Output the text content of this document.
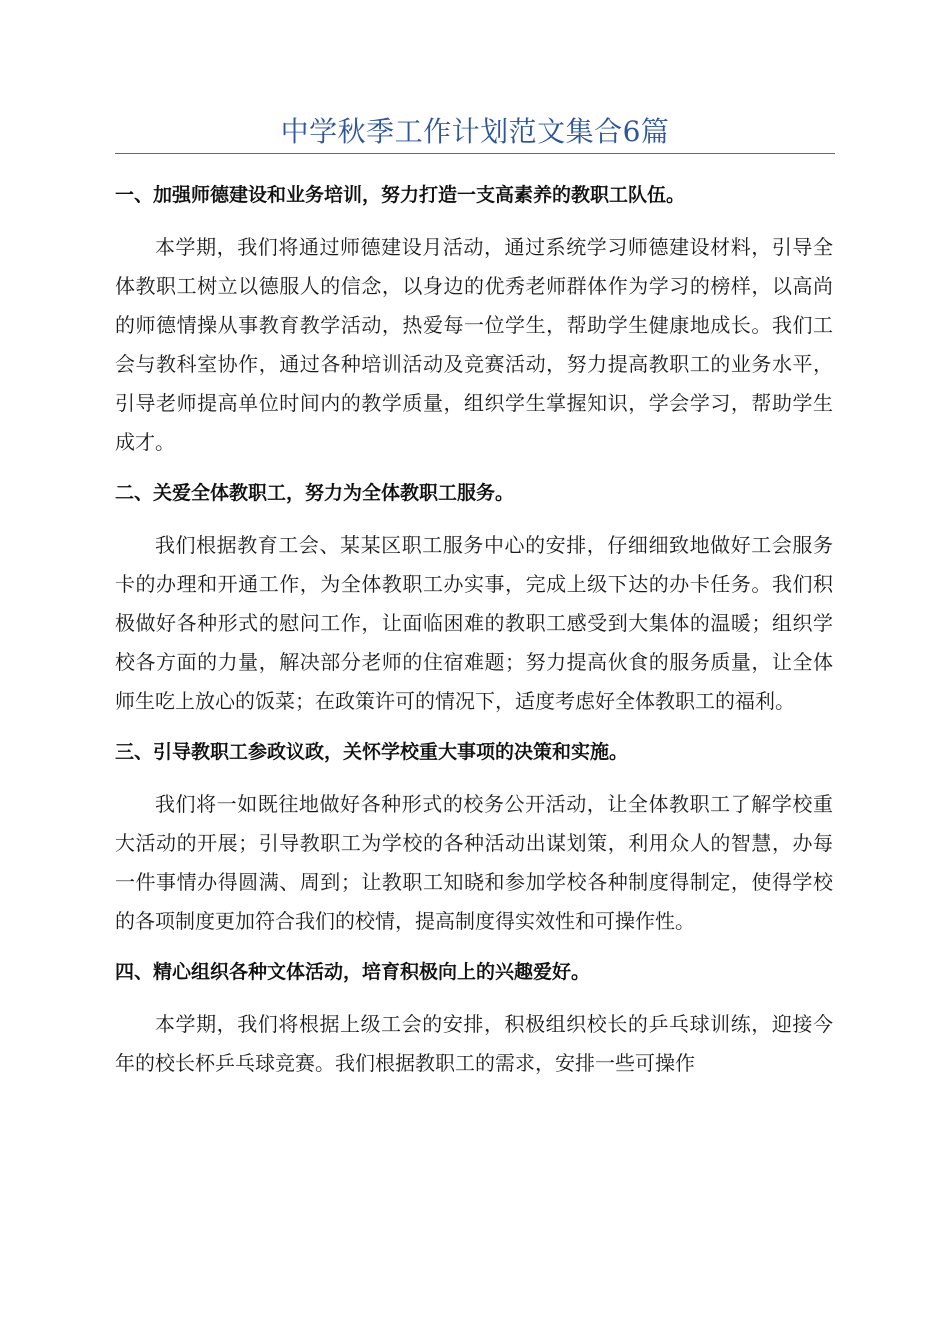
中学秋季工作计划范文集合6篇
一、加强师德建设和业务培训，努力打造一支高素养的教职工队伍。

本学期，我们将通过师德建设月活动，通过系统学习师德建设材料，引导全体教职工树立以德服人的信念，以身边的优秀老师群体作为学习的榜样，以高尚的师德情操从事教育教学活动，热爱每一位学生，帮助学生健康地成长。我们工会与教科室协作，通过各种培训活动及竞赛活动，努力提高教职工的业务水平，引导老师提高单位时间内的教学质量，组织学生掌握知识，学会学习，帮助学生成才。

二、关爱全体教职工，努力为全体教职工服务。

我们根据教育工会、某某区职工服务中心的安排，仔细细致地做好工会服务卡的办理和开通工作，为全体教职工办实事，完成上级下达的办卡任务。我们积极做好各种形式的慰问工作，让面临困难的教职工感受到大集体的温暖；组织学校各方面的力量，解决部分老师的住宿难题；努力提高伙食的服务质量，让全体师生吃上放心的饭菜；在政策许可的情况下，适度考虑好全体教职工的福利。

三、引导教职工参政议政，关怀学校重大事项的决策和实施。

我们将一如既往地做好各种形式的校务公开活动，让全体教职工了解学校重大活动的开展；引导教职工为学校的各种活动出谋划策，利用众人的智慧，办每一件事情办得圆满、周到；让教职工知晓和参加学校各种制度得制定，使得学校的各项制度更加符合我们的校情，提高制度得实效性和可操作性。

四、精心组织各种文体活动，培育积极向上的兴趣爱好。

本学期，我们将根据上级工会的安排，积极组织校长的乒乓球训练，迎接今年的校长杯乒乓球竞赛。我们根据教职工的需求，安排一些可操作
